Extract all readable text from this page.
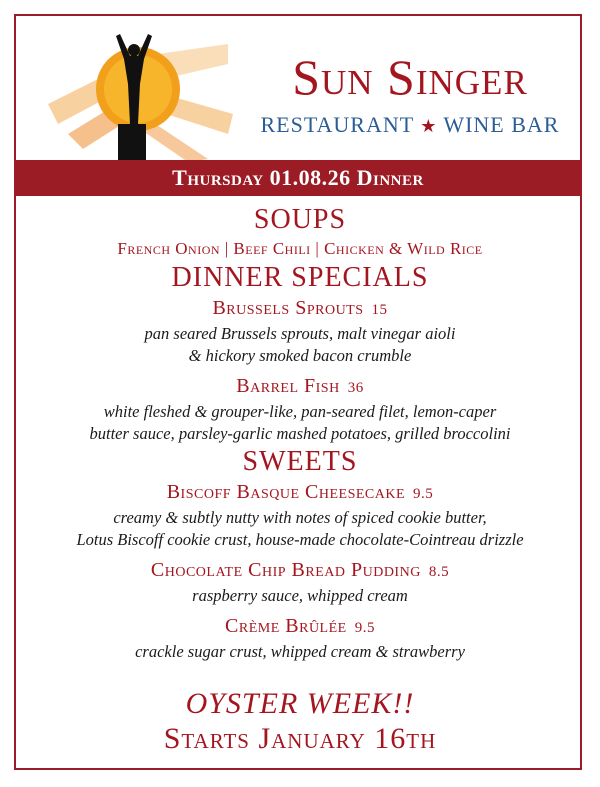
Sun Singer
RESTAURANT ★ WINE BAR
Thursday 01.08.26 Dinner
SOUPS
French Onion | Beef Chili | Chicken & Wild Rice
DINNER SPECIALS
Brussels Sprouts 15
pan seared Brussels sprouts, malt vinegar aioli
& hickory smoked bacon crumble
Barrel Fish 36
white fleshed & grouper-like, pan-seared filet, lemon-caper
butter sauce, parsley-garlic mashed potatoes, grilled broccolini
SWEETS
Biscoff Basque Cheesecake 9.5
creamy & subtly nutty with notes of spiced cookie butter,
Lotus Biscoff cookie crust, house-made chocolate-Cointreau drizzle
Chocolate Chip Bread Pudding 8.5
raspberry sauce, whipped cream
Crème Brûlée 9.5
crackle sugar crust, whipped cream & strawberry
OYSTER WEEK!!
Starts January 16th
